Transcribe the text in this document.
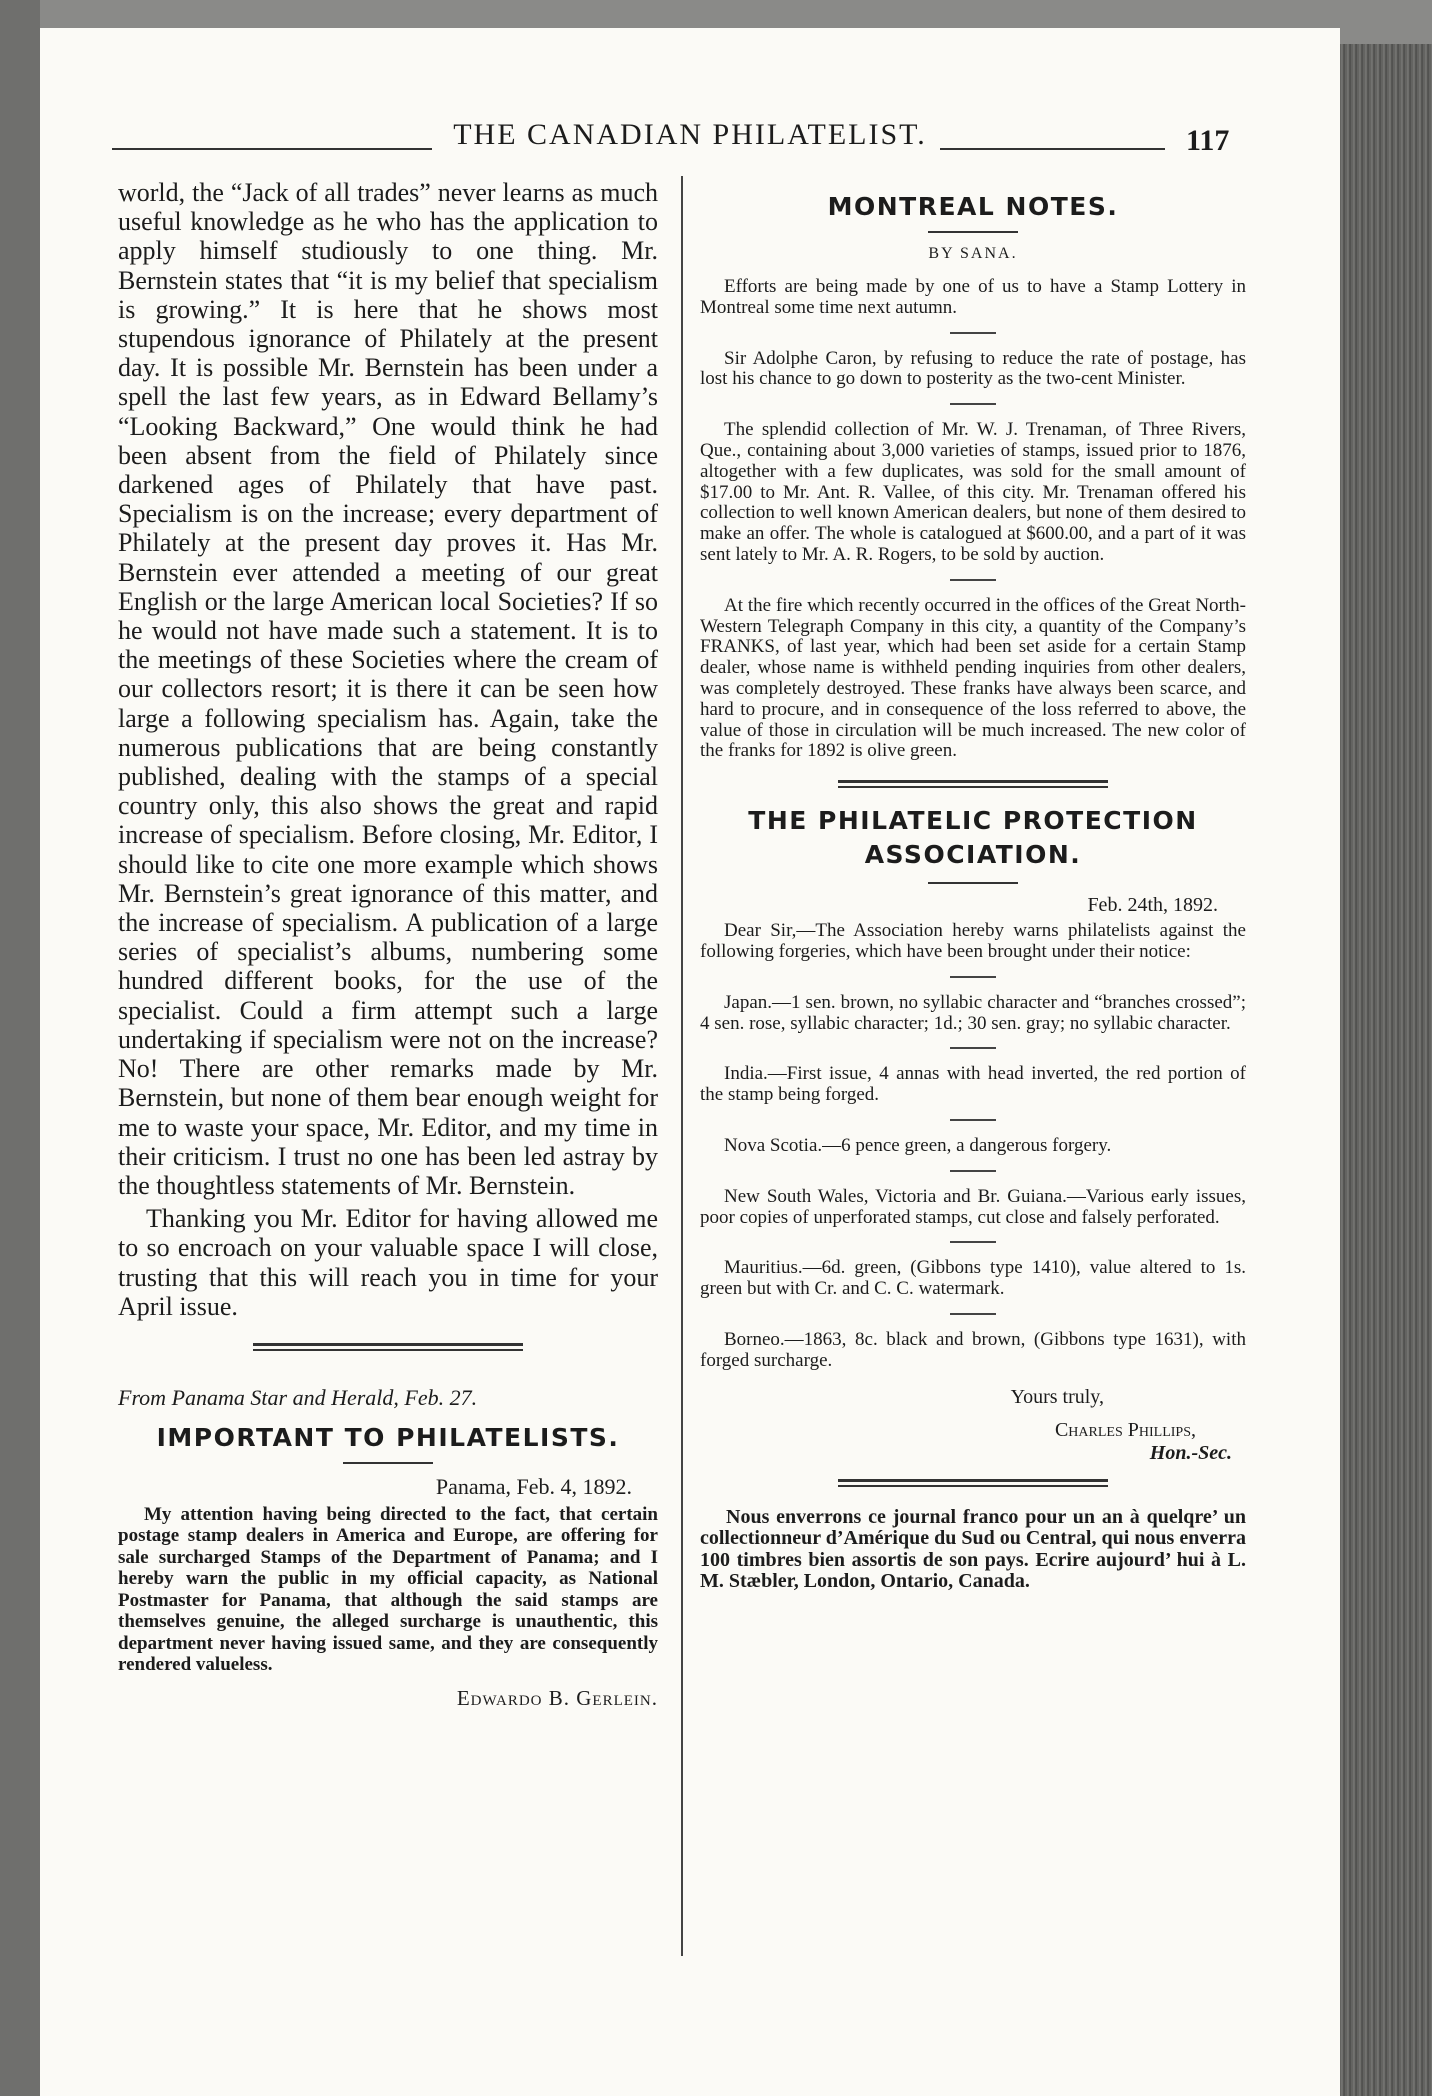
THE CANADIAN PHILATELIST.	117

world, the “Jack of all trades” never learns as much useful knowledge as he who has the application to apply himself studiously to one thing. Mr. Bernstein states that “it is my belief that specialism is growing.” It is here that he shows most stupendous ignorance of Philately at the present day. It is possible Mr. Bernstein has been under a spell the last few years, as in Edward Bellamy’s “Looking Backward,” One would think he had been absent from the field of Philately since darkened ages of Philately that have past. Specialism is on the increase; every department of Philately at the present day proves it. Has Mr. Bernstein ever attended a meeting of our great English or the large American local Societies? If so he would not have made such a statement. It is to the meetings of these Societies where the cream of our collectors resort; it is there it can be seen how large a following specialism has. Again, take the numerous publications that are being constantly published, dealing with the stamps of a special country only, this also shows the great and rapid increase of specialism. Before closing, Mr. Editor, I should like to cite one more example which shows Mr. Bernstein’s great ignorance of this matter, and the increase of specialism. A publication of a large series of specialist’s albums, numbering some hundred different books, for the use of the specialist. Could a firm attempt such a large undertaking if specialism were not on the increase? No! There are other remarks made by Mr. Bernstein, but none of them bear enough weight for me to waste your space, Mr. Editor, and my time in their criticism. I trust no one has been led astray by the thoughtless statements of Mr. Bernstein.

Thanking you Mr. Editor for having allowed me to so encroach on your valuable space I will close, trusting that this will reach you in time for your April issue.

From Panama Star and Herald, Feb. 27.
IMPORTANT TO PHILATELISTS.
Panama, Feb. 4, 1892.

My attention having being directed to the fact, that certain postage stamp dealers in America and Europe, are offering for sale surcharged Stamps of the Department of Panama; and I hereby warn the public in my official capacity, as National Postmaster for Panama, that although the said stamps are themselves genuine, the alleged surcharge is unauthentic, this department never having issued same, and they are consequently rendered valueless.

Edwardo B. Gerlein.
MONTREAL NOTES.
BY SANA.

Efforts are being made by one of us to have a Stamp Lottery in Montreal some time next autumn.

Sir Adolphe Caron, by refusing to reduce the rate of postage, has lost his chance to go down to posterity as the two-cent Minister.

The splendid collection of Mr. W. J. Trenaman, of Three Rivers, Que., containing about 3,000 varieties of stamps, issued prior to 1876, altogether with a few duplicates, was sold for the small amount of $17.00 to Mr. Ant. R. Vallee, of this city. Mr. Trenaman offered his collection to well known American dealers, but none of them desired to make an offer. The whole is catalogued at $600.00, and a part of it was sent lately to Mr. A. R. Rogers, to be sold by auction.

At the fire which recently occurred in the offices of the Great North-Western Telegraph Company in this city, a quantity of the Company’s FRANKS, of last year, which had been set aside for a certain Stamp dealer, whose name is withheld pending inquiries from other dealers, was completely destroyed. These franks have always been scarce, and hard to procure, and in consequence of the loss referred to above, the value of those in circulation will be much increased. The new color of the franks for 1892 is olive green.

THE PHILATELIC PROTECTION
ASSOCIATION.
Feb. 24th, 1892.

Dear Sir,—The Association hereby warns philatelists against the following forgeries, which have been brought under their notice:

Japan.—1 sen. brown, no syllabic character and “branches crossed”; 4 sen. rose, syllabic character; 1d.; 30 sen. gray; no syllabic character.

India.—First issue, 4 annas with head inverted, the red portion of the stamp being forged.

Nova Scotia.—6 pence green, a dangerous forgery.

New South Wales, Victoria and Br. Guiana.—Various early issues, poor copies of unperforated stamps, cut close and falsely perforated.

Mauritius.—6d. green, (Gibbons type 1410), value altered to 1s. green but with Cr. and C. C. watermark.

Borneo.—1863, 8c. black and brown, (Gibbons type 1631), with forged surcharge.

Yours truly,
Charles Phillips,
Hon.-Sec.

Nous enverrons ce journal franco pour un an à quelqre’ un collectionneur d’Amérique du Sud ou Central, qui nous enverra 100 timbres bien assortis de son pays. Ecrire aujourd’ hui à L. M. Stæbler, London, Ontario, Canada.
